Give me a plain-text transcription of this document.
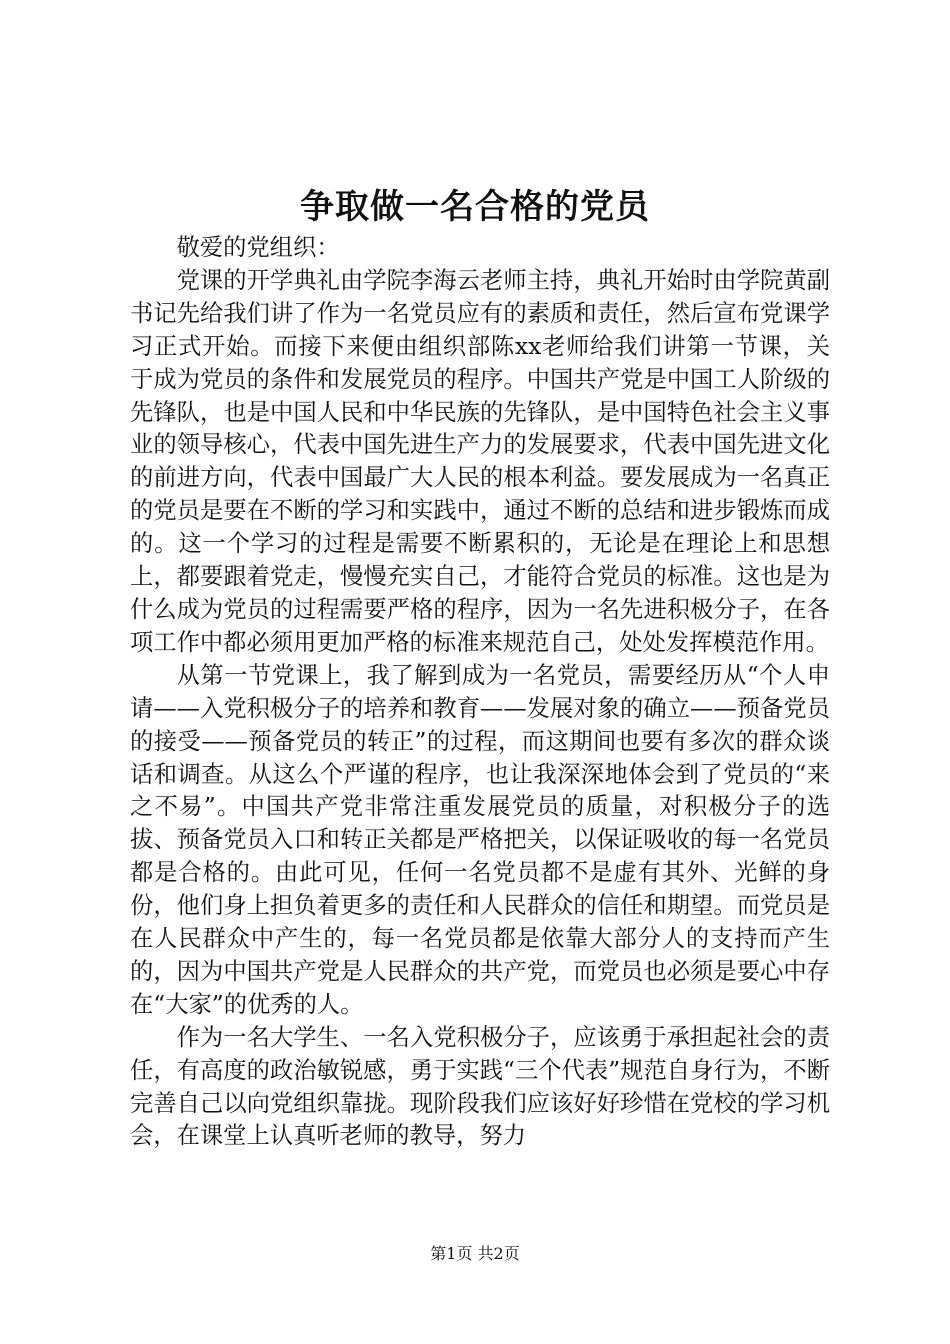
争取做一名合格的党员

敬爱的党组织：

党课的开学典礼由学院李海云老师主持，典礼开始时由学院黄副书记先给我们讲了作为一名党员应有的素质和责任，然后宣布党课学习正式开始。而接下来便由组织部陈xx老师给我们讲第一节课，关于成为党员的条件和发展党员的程序。中国共产党是中国工人阶级的先锋队，也是中国人民和中华民族的先锋队，是中国特色社会主义事业的领导核心，代表中国先进生产力的发展要求，代表中国先进文化的前进方向，代表中国最广大人民的根本利益。要发展成为一名真正的党员是要在不断的学习和实践中，通过不断的总结和进步锻炼而成的。这一个学习的过程是需要不断累积的，无论是在理论上和思想上，都要跟着党走，慢慢充实自己，才能符合党员的标准。这也是为什么成为党员的过程需要严格的程序，因为一名先进积极分子，在各项工作中都必须用更加严格的标准来规范自己，处处发挥模范作用。

从第一节党课上，我了解到成为一名党员，需要经历从“个人申请——入党积极分子的培养和教育——发展对象的确立——预备党员的接受——预备党员的转正”的过程，而这期间也要有多次的群众谈话和调查。从这么个严谨的程序，也让我深深地体会到了党员的“来之不易”。中国共产党非常注重发展党员的质量，对积极分子的选拔、预备党员入口和转正关都是严格把关，以保证吸收的每一名党员都是合格的。由此可见，任何一名党员都不是虚有其外、光鲜的身份，他们身上担负着更多的责任和人民群众的信任和期望。而党员是在人民群众中产生的，每一名党员都是依靠大部分人的支持而产生的，因为中国共产党是人民群众的共产党，而党员也必须是要心中存在“大家”的优秀的人。

作为一名大学生、一名入党积极分子，应该勇于承担起社会的责任，有高度的政治敏锐感，勇于实践“三个代表”规范自身行为，不断完善自己以向党组织靠拢。现阶段我们应该好好珍惜在党校的学习机会，在课堂上认真听老师的教导，努力

第1页 共2页
